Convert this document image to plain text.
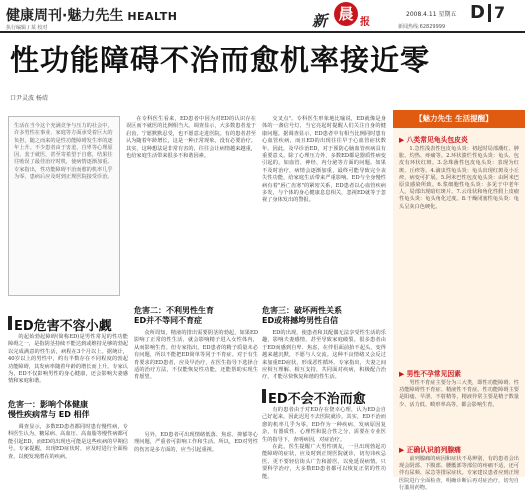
健康周刊·魅力先生 HEALTH
执行编辑 / 某 校对	新 晨 报
2008.4.11 星期五 D 7
新闻热线:62829999
性功能障碍不治而愈机率接近零
口尹灵波 杨靖
生活在当今这个充满竞争与压力的社会中，许多男性在事业、家庭等方面承受着巨大的负担，随之而来的是性功能障碍发生率的逐年上升。不少患者由于害羞、自卑等心理原因，羞于就医，甚至寄希望于自愈，结果往往贻误了最佳治疗时机，使病情逐渐加重。专家指出，性功能障碍不治而愈的机率几乎为零，患病后应及时到正规医院接受诊治。

在专科医生看来，ED患者中因为对ED的认识存在误区而不就医的比例相当大。调查显示，大多数患者羞于启齿，宁愿默默忍受，也不愿意走进医院。有的患者甚至认为随着年龄增长，这是一种正常现象，没有必要治疗。其实，这种想法是非常有害的，往往会让病情越来越重，也给家庭生活带来很多不和谐因素。

ED危害不容小觑

的起始勃起障碍(简称ED)是男性常见的性功能障碍之一，是指阴茎持续不能达到或维持足够的勃起以完成满意的性生活，病程在3个月以上。据统计，40岁以上的男性中，约有半数存在不同程度的勃起功能障碍，其发病率随着年龄的增长而上升。专家认为，ED不仅影响男性的身心健康，还会影响夫妻感情和家庭和谐。

危害一：影响个体健康
慢性疾病常与 ED 相伴

调查显示，多数ED患者都同时患有慢性病，专科医生认为，糖尿病、高血压、高血脂等慢性病都可能引起ED，而ED的出现也可能是这些疾病的早期信号。专家提醒，出现ED症状时，应及时进行全面检查，以便发现潜在的疾病。

交叉点"。专科医生形象地比喻说，ED就像是身体的一盏信号灯，当它亮起时提醒人们关注自身的健康问题。据调查显示，ED患者中有相当比例同时患有心血管疾病，而且ED的出现往往早于心血管症状数年。因此，及早诊治ED，对于预防心脑血管疾病具有重要意义。除了心理压力外，多数ED都是器质性病变引起的，如血管、神经、内分泌等方面的问题。如果不及时治疗，病情会逐渐加重，最终可能导致完全丧失性功能，给家庭生活带来严重影响。ED与全身慢性病有着"唇亡齿寒"的紧密关系，ED患者以心血管疾病多发，与个体的身心健康息息相关，忽视ED就等于忽视了身体发出的警报。

危害二：不利男性生育
ED并不等同不育症

众所周知，精液的排出需要阴茎的勃起，如果ED影响了正常的性生活，就会影响精子进入女性体内，从而影响生育。但专家指出，ED患者的精子质量未必有问题，所以不能把ED简单等同于不育症。对于有生育要求的ED患者，应及早治疗，在医生指导下选择合适的治疗方法，不仅能恢复性功能，还能帮助实现生育愿望。

另外，ED患者可出现情绪低落、焦虑、抑郁等心理问题，严重者可影响工作和生活。所以，ED对男性的伤害是多方面的，应当引起重视。

危害三：破坏两性关系
ED或将撼垮男性自信

ED的出现，使患者和其配偶无法享受性生活的乐趣，影响夫妻感情，甚至导致家庭破裂。很多患者由于ED而感到自卑、焦虑，在伴侣面前抬不起头，变得越来越沉默，不愿与人交流。这种不良情绪又会反过来加重ED症状，形成恶性循环。专家指出，夫妻之间应相互理解、相互支持，共同面对疾病，积极配合治疗，才能尽快恢复和谐的性生活。

ED不会不治而愈

有的患者由于对ED存在侥幸心理，认为ED会自己好起来，因此迟迟不去医院就诊。其实，ED不治而愈的机率几乎为零。ED作为一种疾病，发病原因复杂，有器质性、心理性和混合性之分，需要在专业医生的指导下，查明病因，对症治疗。

在此，医生提醒广大男性朋友，一旦出现勃起功能障碍的症状，应及时到正规医院就诊，切勿讳疾忌医，更不要轻信街头广告和游医，以免延误病情。只要科学治疗，大多数ED患者都可以恢复正常的性功能。

【魅力先生 生活提醒】
▶ 八类常见龟头包皮炎

1.急性浅表性包皮龟头炎：初起时局部潮红、肿胀、灼热、疼痛等。2.环状溃烂性龟头炎：龟头、包皮有环状红斑。3.念珠菌性包皮龟头炎：表现为红斑、丘疹等。4.滴虫性龟头炎：龟头出现红斑及小丘疹，病变可扩展。5.阿米巴性包皮龟头炎：由阿米巴原虫感染所致。6.浆细胞性龟头炎：多见于中老年人，局部出现暗红斑片。7.云母状和角化性假上皮瘤性龟头炎：龟头角化过度。8.干燥闭塞性龟头炎：龟头呈灰白色硬化。

▶ 男性不孕常见因素

男性不育症主要分为三大类，即性功能障碍、性功能障碍性不育症、精液性不育症。性功能障碍主要是阳痿、早泄、不射精等，精液异常主要是精子数量少、活力低、畸形率高等，都会影响生育。

▶ 正确认识前列腺痛

前列腺痛的病因和症状不易辨别，有的患者会出现会阴部、下腹部、腰骶部等部位的疼痛不适，还可伴有尿频、尿急等排尿症状。专家建议患者应到正规医院进行全面检查，明确诊断后再对症治疗，切勿自行滥用药物。
